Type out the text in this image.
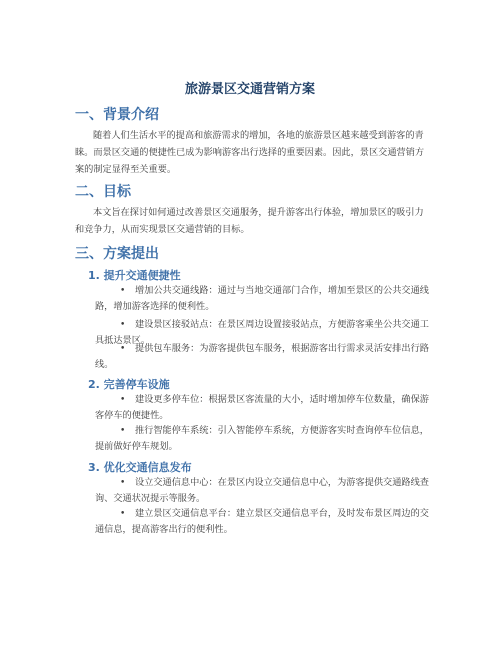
旅游景区交通营销方案
一、背景介绍

随着人们生活水平的提高和旅游需求的增加，各地的旅游景区越来越受到游客的青睐。而景区交通的便捷性已成为影响游客出行选择的重要因素。因此，景区交通营销方案的制定显得至关重要。

二、目标

本文旨在探讨如何通过改善景区交通服务，提升游客出行体验，增加景区的吸引力和竞争力，从而实现景区交通营销的目标。

三、方案提出
1. 提升交通便捷性
•	增加公共交通线路：通过与当地交通部门合作，增加至景区的公共交通线路，增加游客选择的便利性。
•	建设景区接驳站点：在景区周边设置接驳站点，方便游客乘坐公共交通工具抵达景区。
•	提供包车服务：为游客提供包车服务，根据游客出行需求灵活安排出行路线。
2. 完善停车设施
•	建设更多停车位：根据景区客流量的大小，适时增加停车位数量，确保游客停车的便捷性。
•	推行智能停车系统：引入智能停车系统，方便游客实时查询停车位信息，提前做好停车规划。
3. 优化交通信息发布
•	设立交通信息中心：在景区内设立交通信息中心，为游客提供交通路线查询、交通状况提示等服务。
•	建立景区交通信息平台：建立景区交通信息平台，及时发布景区周边的交通信息，提高游客出行的便利性。
